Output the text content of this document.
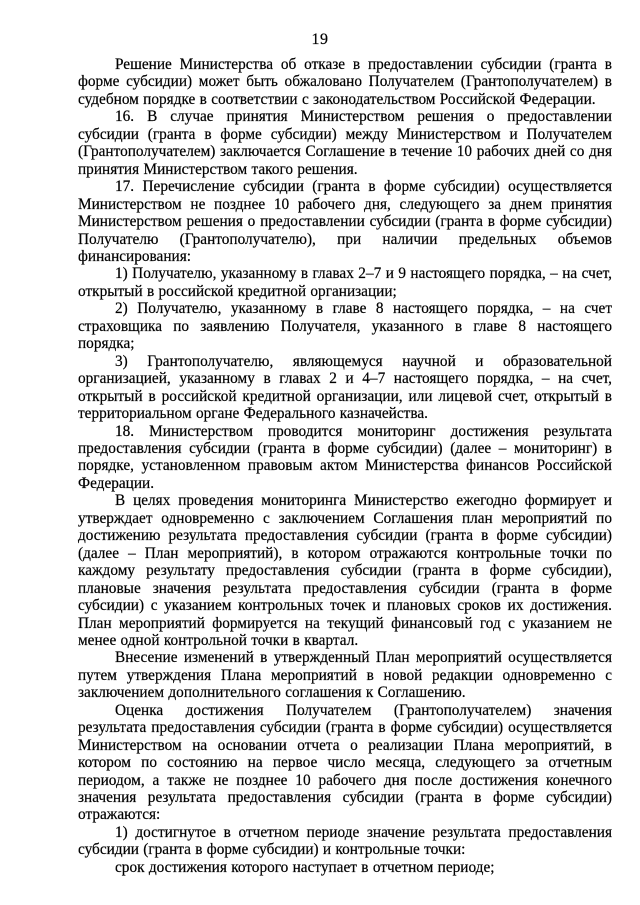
19

Решение Министерства об отказе в предоставлении субсидии (гранта в форме субсидии) может быть обжаловано Получателем (Грантополучателем) в судебном порядке в соответствии с законодательством Российской Федерации.

16. В случае принятия Министерством решения о предоставлении субсидии (гранта в форме субсидии) между Министерством и Получателем (Грантополучателем) заключается Соглашение в течение 10 рабочих дней со дня принятия Министерством такого решения.

17. Перечисление субсидии (гранта в форме субсидии) осуществляется Министерством не позднее 10 рабочего дня, следующего за днем принятия Министерством решения о предоставлении субсидии (гранта в форме субсидии) Получателю (Грантополучателю), при наличии предельных объемов финансирования:

1) Получателю, указанному в главах 2–7 и 9 настоящего порядка, – на счет, открытый в российской кредитной организации;

2) Получателю, указанному в главе 8 настоящего порядка, – на счет страховщика по заявлению Получателя, указанного в главе 8 настоящего порядка;

3) Грантополучателю, являющемуся научной и образовательной организацией, указанному в главах 2 и 4–7 настоящего порядка, – на счет, открытый в российской кредитной организации, или лицевой счет, открытый в территориальном органе Федерального казначейства.

18. Министерством проводится мониторинг достижения результата предоставления субсидии (гранта в форме субсидии) (далее – мониторинг) в порядке, установленном правовым актом Министерства финансов Российской Федерации.

В целях проведения мониторинга Министерство ежегодно формирует и утверждает одновременно с заключением Соглашения план мероприятий по достижению результата предоставления субсидии (гранта в форме субсидии) (далее – План мероприятий), в котором отражаются контрольные точки по каждому результату предоставления субсидии (гранта в форме субсидии), плановые значения результата предоставления субсидии (гранта в форме субсидии) с указанием контрольных точек и плановых сроков их достижения. План мероприятий формируется на текущий финансовый год с указанием не менее одной контрольной точки в квартал.

Внесение изменений в утвержденный План мероприятий осуществляется путем утверждения Плана мероприятий в новой редакции одновременно с заключением дополнительного соглашения к Соглашению.

Оценка достижения Получателем (Грантополучателем) значения результата предоставления субсидии (гранта в форме субсидии) осуществляется Министерством на основании отчета о реализации Плана мероприятий, в котором по состоянию на первое число месяца, следующего за отчетным периодом, а также не позднее 10 рабочего дня после достижения конечного значения результата предоставления субсидии (гранта в форме субсидии) отражаются:

1) достигнутое в отчетном периоде значение результата предоставления субсидии (гранта в форме субсидии) и контрольные точки:

срок достижения которого наступает в отчетном периоде;
